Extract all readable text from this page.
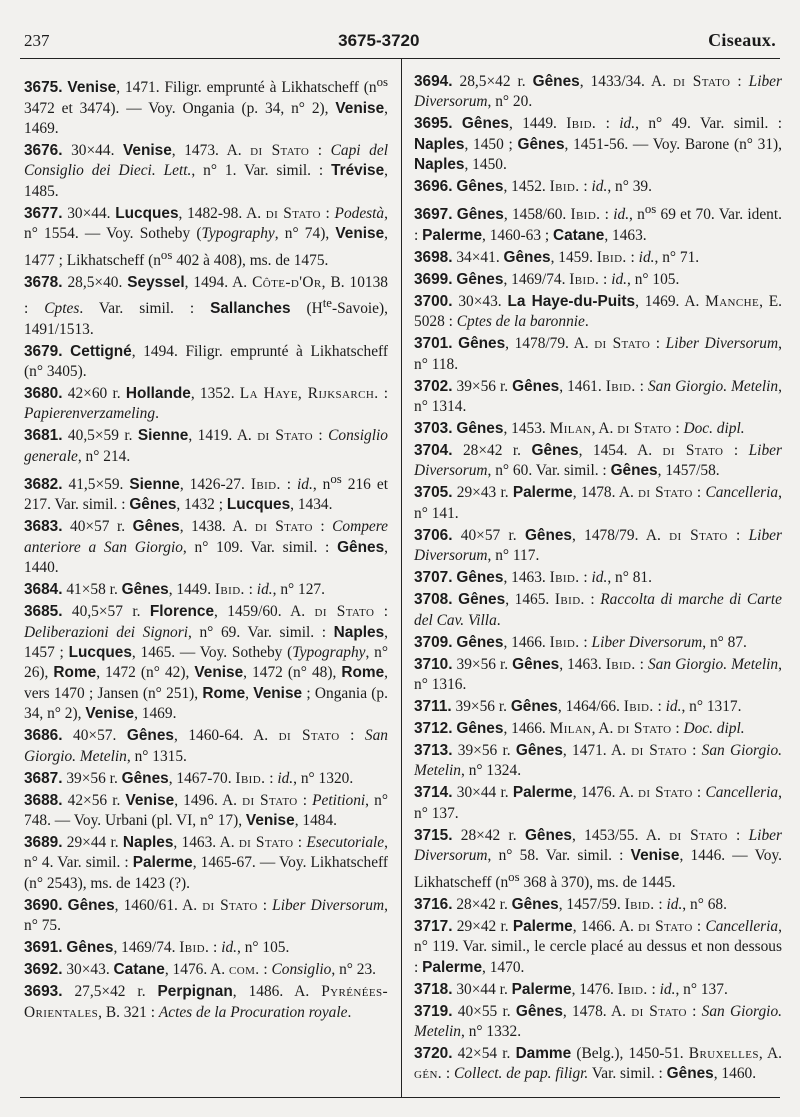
237	3675-3720	Ciseaux.

3675. Venise, 1471. Filigr. emprunté à Likhatscheff ($n^{os}$ 3472 et 3474). — Voy. Ongania (p. 34, n° 2), Venise, 1469.

3676. 30×44. Venise, 1473. A. di Stato : Capi del Consiglio dei Dieci. Lett., n° 1. Var. simil. : Trévise, 1485.

3677. 30×44. Lucques, 1482-98. A. di Stato : Podestà, n° 1554. — Voy. Sotheby (Typography, n° 74), Venise, 1477 ; Likhatscheff ($n^{os}$ 402 à 408), ms. de 1475.

3678. 28,5×40. Seyssel, 1494. A. Côte-d'Or, B. 10138 : Cptes. Var. simil. : Sallanches $(H^{te}-Savoie)$, 1491/1513.

3679. Cettigné, 1494. Filigr. emprunté à Likhatscheff (n° 3405).

3680. 42×60 r. Hollande, 1352. La Haye, Rijksarch. : Papierenverzameling.

3681. 40,5×59 r. Sienne, 1419. A. di Stato : Consiglio generale, n° 214.

3682. 41,5×59. Sienne, 1426-27. Ibid. : id., $n^{os}$ 216 et 217. Var. simil. : Gênes, 1432 ; Lucques, 1434.

3683. 40×57 r. Gênes, 1438. A. di Stato : Compere anteriore a San Giorgio, n° 109. Var. simil. : Gênes, 1440.

3684. 41×58 r. Gênes, 1449. Ibid. : id., n° 127.

3685. 40,5×57 r. Florence, 1459/60. A. di Stato : Deliberazioni dei Signori, n° 69. Var. simil. : Naples, 1457 ; Lucques, 1465. — Voy. Sotheby (Typography, n° 26), Rome, 1472 (n° 42), Venise, 1472 (n° 48), Rome, vers 1470 ; Jansen (n° 251), Rome, Venise ; Ongania (p. 34, n° 2), Venise, 1469.

3686. 40×57. Gênes, 1460-64. A. di Stato : San Giorgio. Metelin, n° 1315.

3687. 39×56 r. Gênes, 1467-70. Ibid. : id., n° 1320.

3688. 42×56 r. Venise, 1496. A. di Stato : Petitioni, n° 748. — Voy. Urbani (pl. VI, n° 17), Venise, 1484.

3689. 29×44 r. Naples, 1463. A. di Stato : Esecutoriale, n° 4. Var. simil. : Palerme, 1465-67. — Voy. Likhatscheff (n° 2543), ms. de 1423 (?).

3690. Gênes, 1460/61. A. di Stato : Liber Diversorum, n° 75.

3691. Gênes, 1469/74. Ibid. : id., n° 105.

3692. 30×43. Catane, 1476. A. com. : Consiglio, n° 23.

3693. 27,5×42 r. Perpignan, 1486. A. Pyrénées-Orientales, B. 321 : Actes de la Procuration royale.

3694. 28,5×42 r. Gênes, 1433/34. A. di Stato : Liber Diversorum, n° 20.

3695. Gênes, 1449. Ibid. : id., n° 49. Var. simil. : Naples, 1450 ; Gênes, 1451-56. — Voy. Barone (n° 31), Naples, 1450.

3696. Gênes, 1452. Ibid. : id., n° 39.

3697. Gênes, 1458/60. Ibid. : id., $n^{os}$ 69 et 70. Var. ident. : Palerme, 1460-63 ; Catane, 1463.

3698. 34×41. Gênes, 1459. Ibid. : id., n° 71.

3699. Gênes, 1469/74. Ibid. : id., n° 105.

3700. 30×43. La Haye-du-Puits, 1469. A. Manche, E. 5028 : Cptes de la baronnie.

3701. Gênes, 1478/79. A. di Stato : Liber Diversorum, n° 118.

3702. 39×56 r. Gênes, 1461. Ibid. : San Giorgio. Metelin, n° 1314.

3703. Gênes, 1453. Milan, A. di Stato : Doc. dipl.

3704. 28×42 r. Gênes, 1454. A. di Stato : Liber Diversorum, n° 60. Var. simil. : Gênes, 1457/58.

3705. 29×43 r. Palerme, 1478. A. di Stato : Cancelleria, n° 141.

3706. 40×57 r. Gênes, 1478/79. A. di Stato : Liber Diversorum, n° 117.

3707. Gênes, 1463. Ibid. : id., n° 81.

3708. Gênes, 1465. Ibid. : Raccolta di marche di Carte del Cav. Villa.

3709. Gênes, 1466. Ibid. : Liber Diversorum, n° 87.

3710. 39×56 r. Gênes, 1463. Ibid. : San Giorgio. Metelin, n° 1316.

3711. 39×56 r. Gênes, 1464/66. Ibid. : id., n° 1317.

3712. Gênes, 1466. Milan, A. di Stato : Doc. dipl.

3713. 39×56 r. Gênes, 1471. A. di Stato : San Giorgio. Metelin, n° 1324.

3714. 30×44 r. Palerme, 1476. A. di Stato : Cancelleria, n° 137.

3715. 28×42 r. Gênes, 1453/55. A. di Stato : Liber Diversorum, n° 58. Var. simil. : Venise, 1446. — Voy. Likhatscheff ($n^{os}$ 368 à 370), ms. de 1445.

3716. 28×42 r. Gênes, 1457/59. Ibid. : id., n° 68.

3717. 29×42 r. Palerme, 1466. A. di Stato : Cancelleria, n° 119. Var. simil., le cercle placé au dessus et non dessous : Palerme, 1470.

3718. 30×44 r. Palerme, 1476. Ibid. : id., n° 137.

3719. 40×55 r. Gênes, 1478. A. di Stato : San Giorgio. Metelin, n° 1332.

3720. 42×54 r. Damme (Belg.), 1450-51. Bruxelles, A. gén. : Collect. de pap. filigr. Var. simil. : Gênes, 1460.
